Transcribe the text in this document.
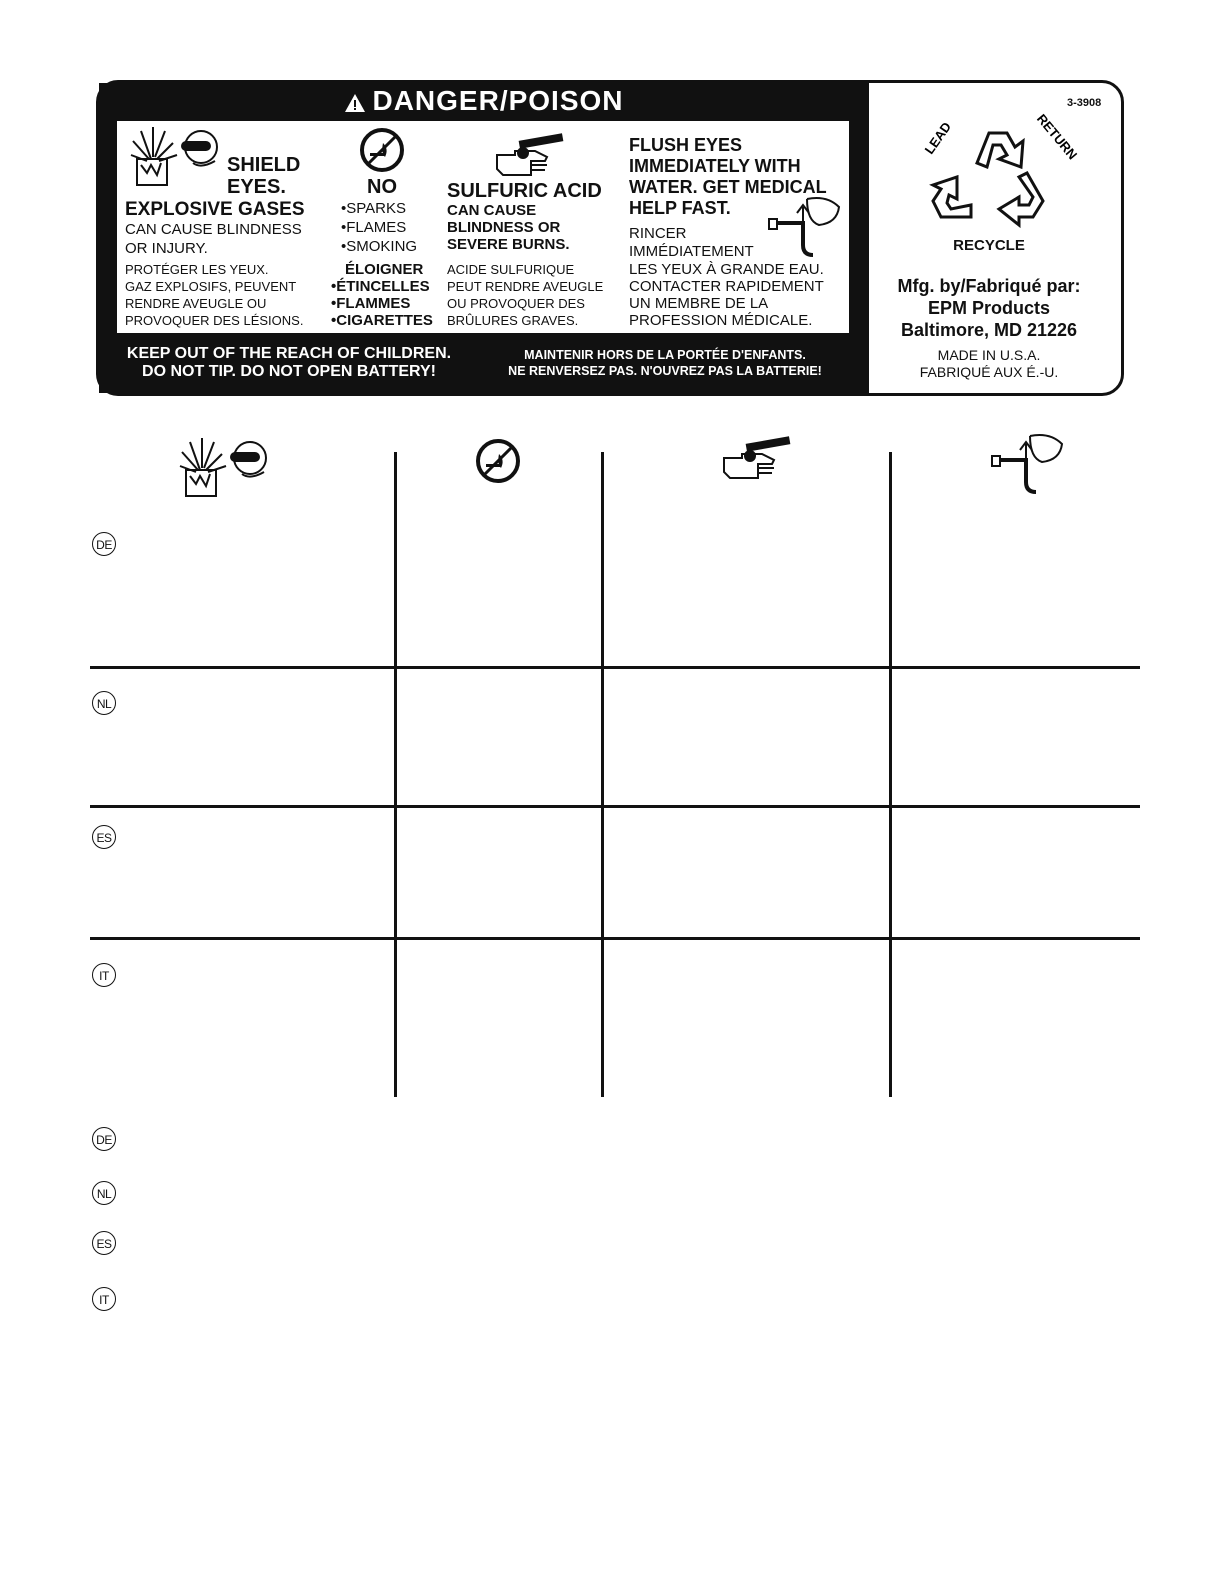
DANGER/POISON
SHIELD
EYES.
EXPLOSIVE GASES
CAN CAUSE BLINDNESS
OR INJURY.
PROTÉGER LES YEUX.
GAZ EXPLOSIFS, PEUVENT
RENDRE AVEUGLE OU
PROVOQUER DES LÉSIONS.
NO
•SPARKS
•FLAMES
•SMOKING
ÉLOIGNER
•ÉTINCELLES
•FLAMMES
•CIGARETTES
SULFURIC ACID
CAN CAUSE
BLINDNESS OR
SEVERE BURNS.
ACIDE SULFURIQUE
PEUT RENDRE AVEUGLE
OU PROVOQUER DES
BRÛLURES GRAVES.
FLUSH EYES
IMMEDIATELY WITH
WATER. GET MEDICAL
HELP FAST.
RINCER
IMMÉDIATEMENT
LES YEUX À GRANDE EAU.
CONTACTER RAPIDEMENT
UN MEMBRE DE LA
PROFESSION MÉDICALE.
KEEP OUT OF THE REACH OF CHILDREN.
DO NOT TIP. DO NOT OPEN BATTERY!
MAINTENIR HORS DE LA PORTÉE D'ENFANTS.
NE RENVERSEZ PAS. N'OUVREZ PAS LA BATTERIE!
3-3908
LEAD	RETURN
RECYCLE
Mfg. by/Fabriqué par:
EPM Products
Baltimore, MD 21226
MADE IN U.S.A.
FABRIQUÉ AUX É.-U.
DE
NL
ES
IT
DE
NL
ES
IT
